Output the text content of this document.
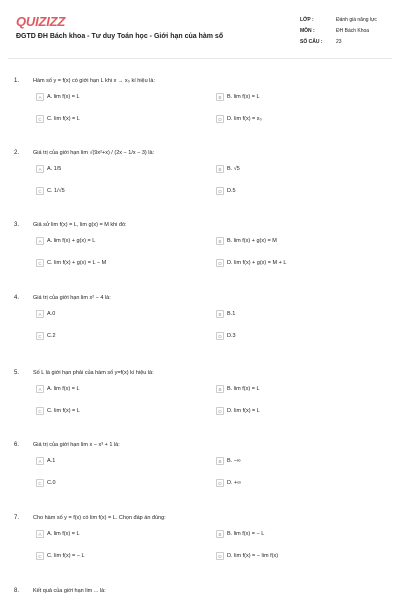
QUIZIZZ
ĐGTD ĐH Bách khoa - Tư duy Toán học - Giới hạn của hàm số
LỚP :	Đánh giá năng lực
MÔN :	ĐH Bách Khoa
SỐ CÂU :	23
1.	Hàm số y = f(x) có giới hạn L khi x → x₀ kí hiệu là:
A	A. lim f(x) = L	B	B. lim f(x) = L
C C. lim f(x) = L	D D. lim f(x) = x₀
2.	Giá trị của giới hạn lim √(9x²+x) / (2x − 1/x − 3) là:
A	A. 1/5	B	B. √5
C C. 1/√5	D D.5
3.	Giả sử lim f(x) = L, lim g(x) = M khi đó:
A	A. lim f(x) + g(x) = L	B	B. lim f(x) + g(x) = M
C C. lim f(x) + g(x) = L − M	D D. lim f(x) + g(x) = M + L
4.	Giá trị của giới hạn lim x² − 4 là:
A	A.0	B	B.1
C C.2	D D.3
5.	Số L là giới hạn phải của hàm số y=f(x) kí hiệu là:
A	A. lim f(x) = L	B	B. lim f(x) = L
C C. lim f(x) = L	D D. lim f(x) = L
6.	Giá trị của giới hạn lim x − x³ + 1 là:
A	A.1	B	B. −∞
C C.0	D D. +∞
7.	Cho hàm số y = f(x) có lim f(x) = L. Chọn đáp án đúng:
A	A. lim f(x) = L	B	B. lim f(x) = − L
C C. lim f(x) = − L	D D. lim f(x) = − lim f(x)
8.	Kết quả của giới hạn lim ... là:
